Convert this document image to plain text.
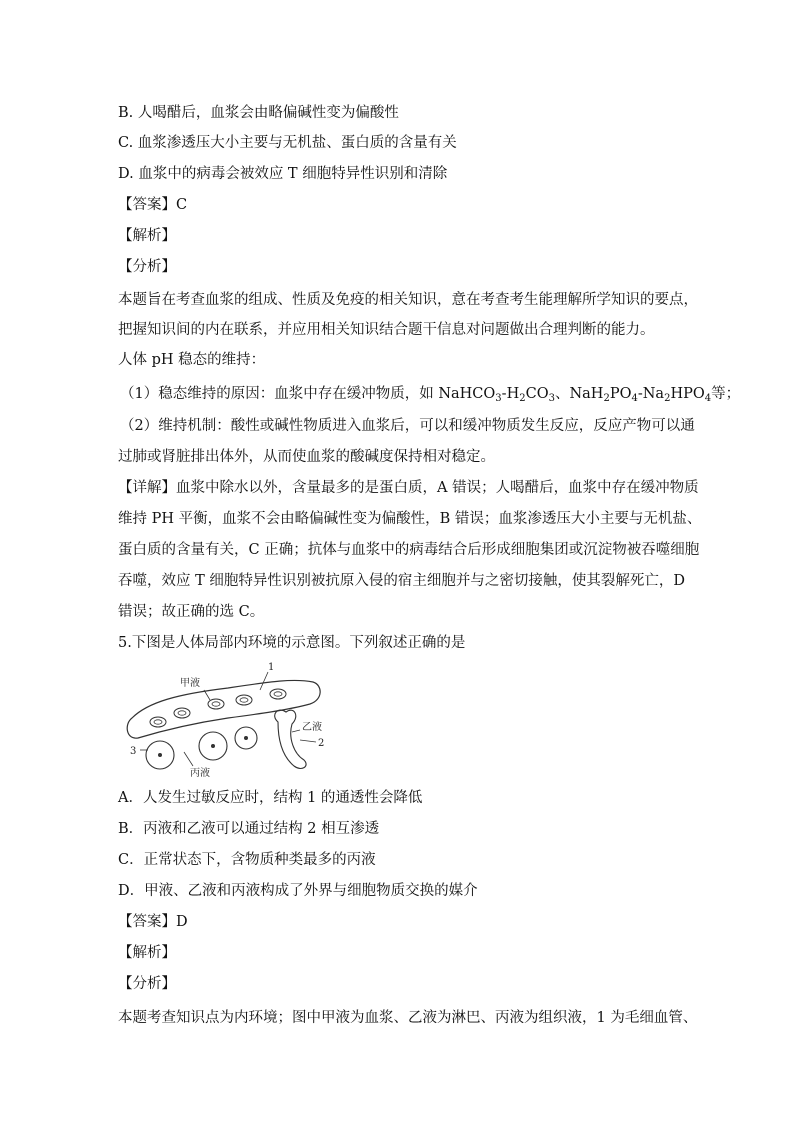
B. 人喝醋后，血浆会由略偏碱性变为偏酸性
C. 血浆渗透压大小主要与无机盐、蛋白质的含量有关
D. 血浆中的病毒会被效应 T 细胞特异性识别和清除
【答案】C
【解析】
【分析】
本题旨在考查血浆的组成、性质及免疫的相关知识，意在考查考生能理解所学知识的要点，
把握知识间的内在联系，并应用相关知识结合题干信息对问题做出合理判断的能力。
人体 pH 稳态的维持：
（1）稳态维持的原因：血浆中存在缓冲物质，如 $NaHCO_3-H_2CO_3$、$NaH_2PO_4-Na_2HPO_4$等；
（2）维持机制：酸性或碱性物质进入血浆后，可以和缓冲物质发生反应，反应产物可以通
过肺或肾脏排出体外，从而使血浆的酸碱度保持相对稳定。
【详解】血浆中除水以外，含量最多的是蛋白质，A 错误；人喝醋后，血浆中存在缓冲物质
维持 PH 平衡，血浆不会由略偏碱性变为偏酸性，B 错误；血浆渗透压大小主要与无机盐、
蛋白质的含量有关，C 正确；抗体与血浆中的病毒结合后形成细胞集团或沉淀物被吞噬细胞
吞噬，效应 T 细胞特异性识别被抗原入侵的宿主细胞并与之密切接触，使其裂解死亡，D
错误；故正确的选 C。
5.下图是人体局部内环境的示意图。下列叙述正确的是
1
甲液
乙液
2
3
丙液
A．人发生过敏反应时，结构 1 的通透性会降低
B．丙液和乙液可以通过结构 2 相互渗透
C．正常状态下，含物质种类最多的丙液
D．甲液、乙液和丙液构成了外界与细胞物质交换的媒介
【答案】D
【解析】
【分析】
本题考查知识点为内环境；图中甲液为血浆、乙液为淋巴、丙液为组织液，1 为毛细血管、
